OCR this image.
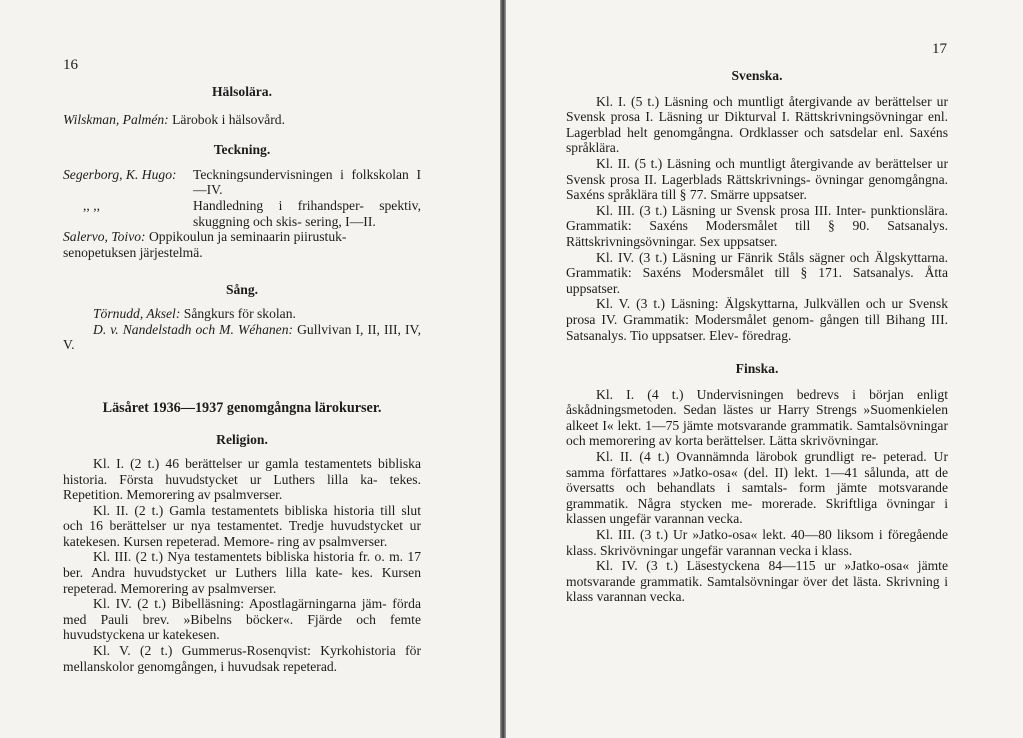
16
Hälsolära.
Wilskman, Palmén: Lärobok i hälsovård.
Teckning.
Segerborg, K. Hugo:	Teckningsundervisningen i folkskolan I—IV.
,, ,,	Handledning i frihandsper- spektiv, skuggning och skis- sering, I—II.
Salervo, Toivo: Oppikoulun ja seminaarin piirustuk- senopetuksen järjestelmä.
Sång.
Törnudd, Aksel: Sångkurs för skolan.
D. v. Nandelstadh och M. Wéhanen: Gullvivan I, II, III, IV, V.
Läsåret 1936—1937 genomgångna lärokurser.
Religion.

Kl. I. (2 t.) 46 berättelser ur gamla testamentets bibliska historia. Första huvudstycket ur Luthers lilla ka- tekes. Repetition. Memorering av psalmverser.

Kl. II. (2 t.) Gamla testamentets bibliska historia till slut och 16 berättelser ur nya testamentet. Tredje huvudstycket ur katekesen. Kursen repeterad. Memore- ring av psalmverser.

Kl. III. (2 t.) Nya testamentets bibliska historia fr. o. m. 17 ber. Andra huvudstycket ur Luthers lilla kate- kes. Kursen repeterad. Memorering av psalmverser.

Kl. IV. (2 t.) Bibelläsning: Apostlagärningarna jäm- förda med Pauli brev. »Bibelns böcker«. Fjärde och femte huvudstyckena ur katekesen.

Kl. V. (2 t.) Gummerus-Rosenqvist: Kyrkohistoria för mellanskolor genomgången, i huvudsak repeterad.

17
Svenska.

Kl. I. (5 t.) Läsning och muntligt återgivande av berättelser ur Svensk prosa I. Läsning ur Dikturval I. Rättskrivningsövningar enl. Lagerblad helt genomgångna. Ordklasser och satsdelar enl. Saxéns språklära.

Kl. II. (5 t.) Läsning och muntligt återgivande av berättelser ur Svensk prosa II. Lagerblads Rättskrivnings- övningar genomgångna. Saxéns språklära till § 77. Smärre uppsatser.

Kl. III. (3 t.) Läsning ur Svensk prosa III. Inter- punktionslära. Grammatik: Saxéns Modersmålet till § 90. Satsanalys. Rättskrivningsövningar. Sex uppsatser.

Kl. IV. (3 t.) Läsning ur Fänrik Ståls sägner och Älgskyttarna. Grammatik: Saxéns Modersmålet till § 171. Satsanalys. Åtta uppsatser.

Kl. V. (3 t.) Läsning: Älgskyttarna, Julkvällen och ur Svensk prosa IV. Grammatik: Modersmålet genom- gången till Bihang III. Satsanalys. Tio uppsatser. Elev- föredrag.

Finska.

Kl. I. (4 t.) Undervisningen bedrevs i början enligt åskådningsmetoden. Sedan lästes ur Harry Strengs »Suomenkielen alkeet I« lekt. 1—75 jämte motsvarande grammatik. Samtalsövningar och memorering av korta berättelser. Lätta skrivövningar.

Kl. II. (4 t.) Ovannämnda lärobok grundligt re- peterad. Ur samma författares »Jatko-osa« (del. II) lekt. 1—41 sålunda, att de översatts och behandlats i samtals- form jämte motsvarande grammatik. Några stycken me- morerade. Skriftliga övningar i klassen ungefär varannan vecka.

Kl. III. (3 t.) Ur »Jatko-osa« lekt. 40—80 liksom i föregående klass. Skrivövningar ungefär varannan vecka i klass.

Kl. IV. (3 t.) Läsestyckena 84—115 ur »Jatko-osa« jämte motsvarande grammatik. Samtalsövningar över det lästa. Skrivning i klass varannan vecka.
